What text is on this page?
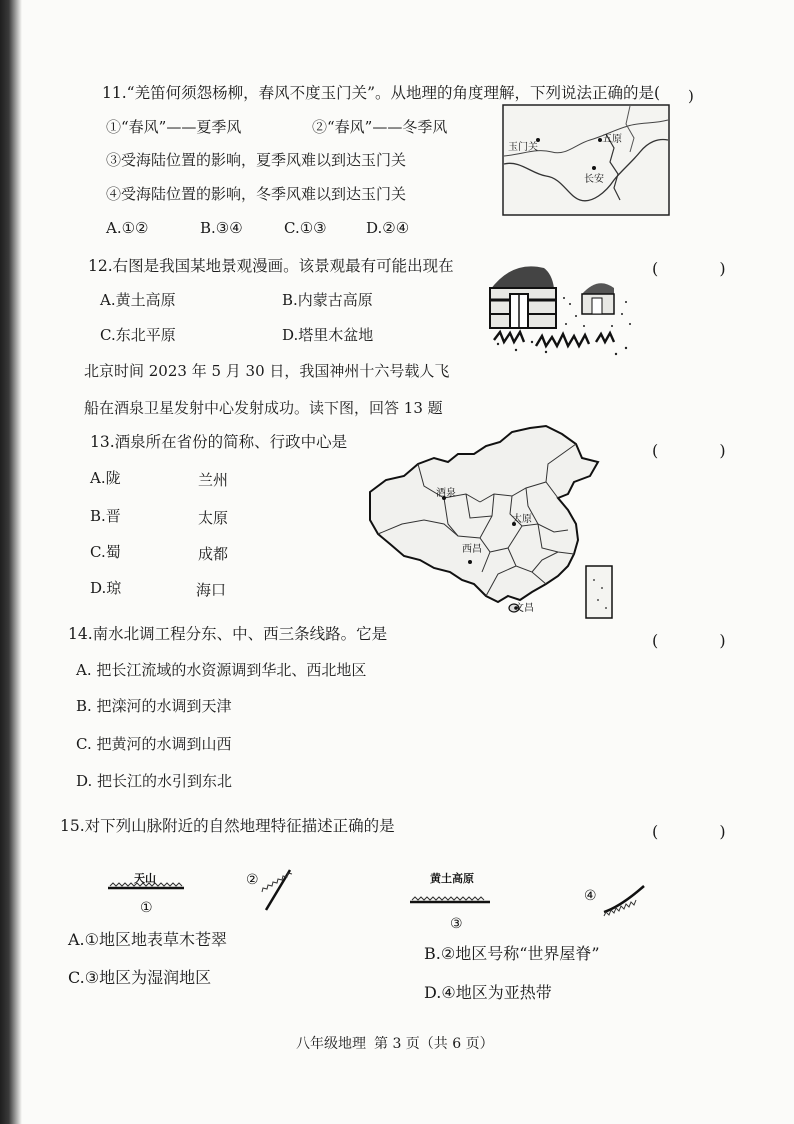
11.“羌笛何须怨杨柳，春风不度玉门关”。从地理的角度理解，下列说法正确的是( )
①“春风”——夏季风	②“春风”——冬季风
③受海陆位置的影响，夏季风难以到达玉门关
④受海陆位置的影响，冬季风难以到达玉门关
A.①②	B.③④	C.①③	D.②④
玉门关
五原
长安
12.右图是我国某地景观漫画。该景观最有可能出现在	( )
A.黄土高原	B.内蒙古高原
C.东北平原	D.塔里木盆地
北京时间 2023 年 5 月 30 日，我国神州十六号载人飞
船在酒泉卫星发射中心发射成功。读下图，回答 13 题
13.酒泉所在省份的简称、行政中心是	( )
A.陇	兰州
B.晋	太原
C.蜀	成都
D.琼	海口
酒泉
太原
西昌
文昌
14.南水北调工程分东、中、西三条线路。它是	( )
A. 把长江流域的水资源调到华北、西北地区
B. 把滦河的水调到天津
C. 把黄河的水调到山西
D. 把长江的水引到东北
15.对下列山脉附近的自然地理特征描述正确的是	( )
天山
①
②	黄土高原
③
④
A.①地区地表草木苍翠
B.②地区号称“世界屋脊”
C.③地区为湿润地区
D.④地区为亚热带
八年级地理 第 3 页（共 6 页）
